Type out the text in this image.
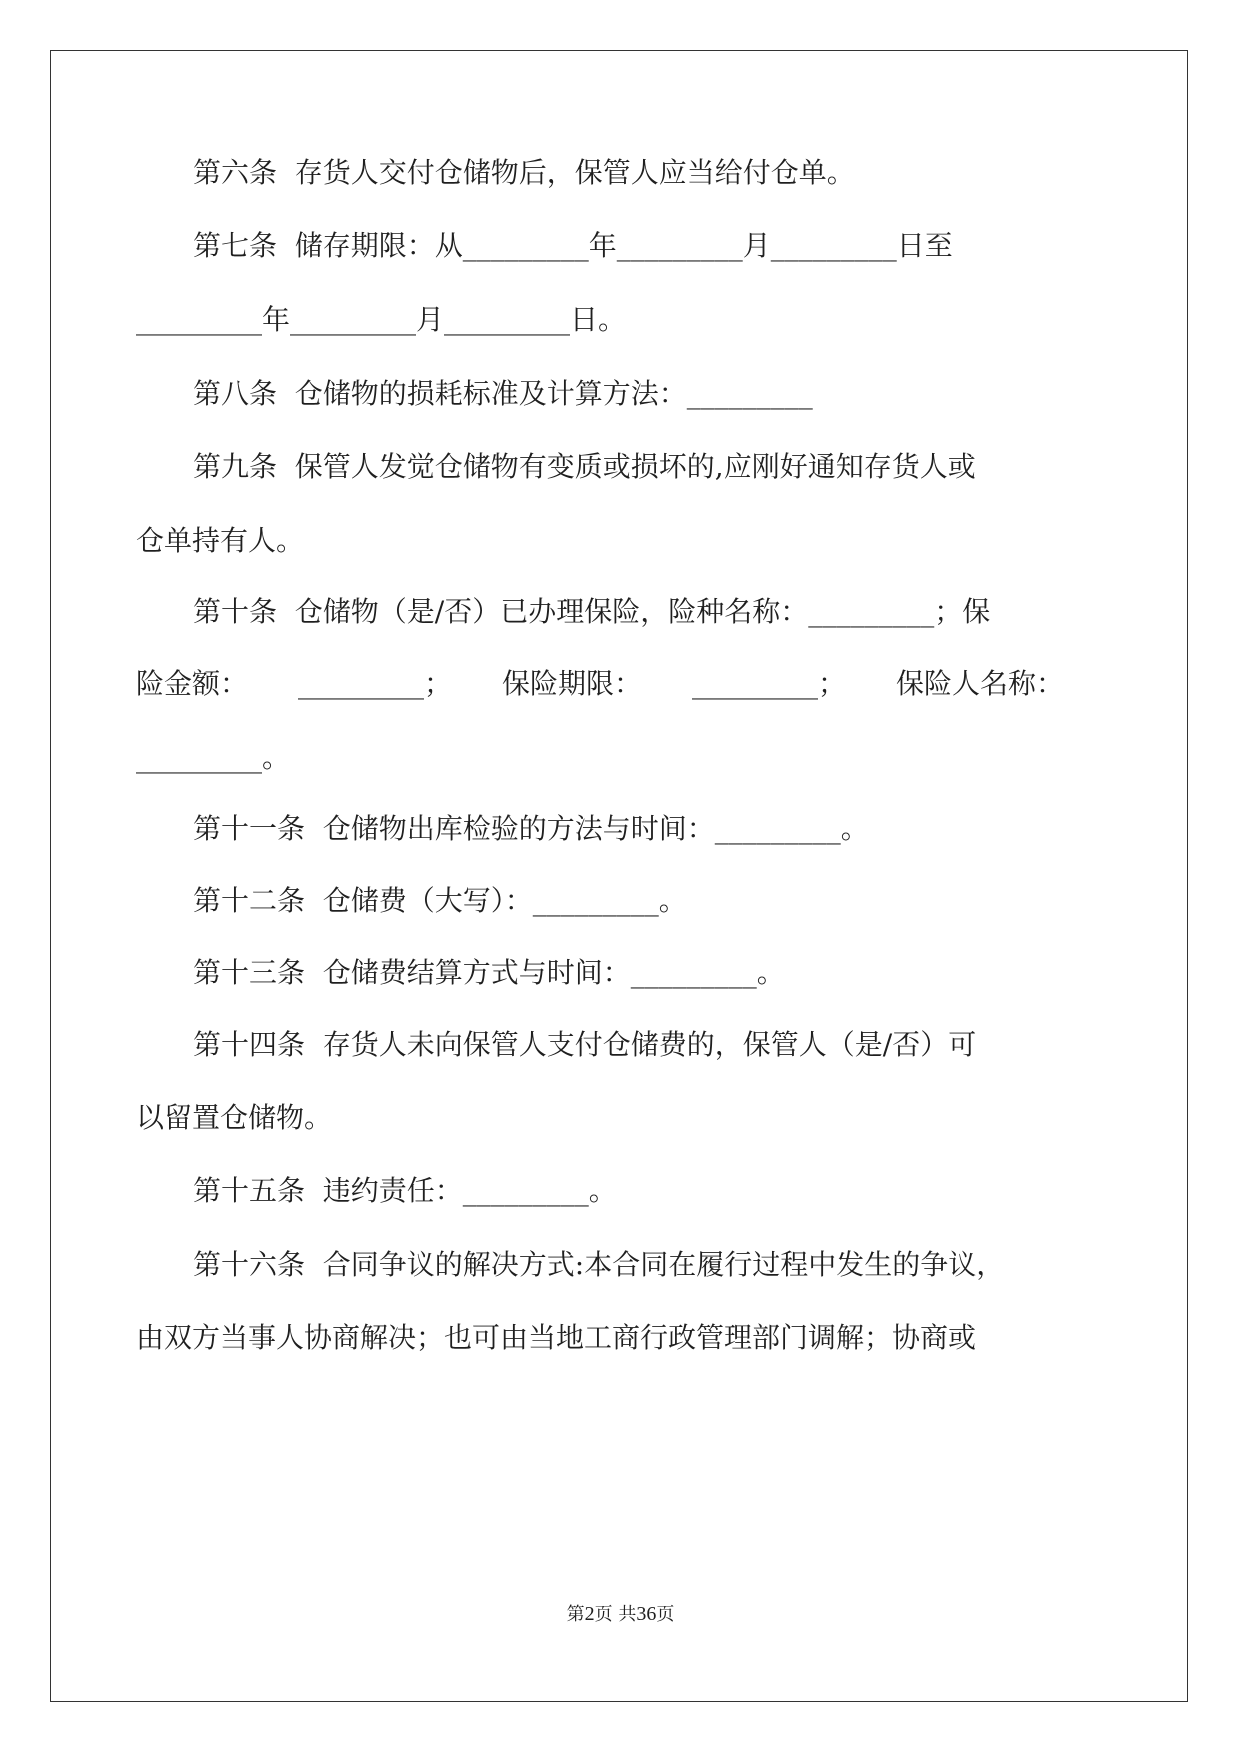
第六条  存货人交付仓储物后，保管人应当给付仓单。
第七条  储存期限：从_________年_________月_________日至
_________年_________月_________日。
第八条  仓储物的损耗标准及计算方法：_________
第九条  保管人发觉仓储物有变质或损坏的,应刚好通知存货人或
仓单持有人。
第十条  仓储物（是/否）已办理保险，险种名称：_________；保
险金额： _________； 保险期限： _________； 保险人名称：
_________。
第十一条  仓储物出库检验的方法与时间：_________。
第十二条  仓储费（大写）：_________。
第十三条  仓储费结算方式与时间：_________。
第十四条  存货人未向保管人支付仓储费的，保管人（是/否）可
以留置仓储物。
第十五条  违约责任：_________。
第十六条  合同争议的解决方式:本合同在履行过程中发生的争议，
由双方当事人协商解决；也可由当地工商行政管理部门调解；协商或
第2页 共36页
